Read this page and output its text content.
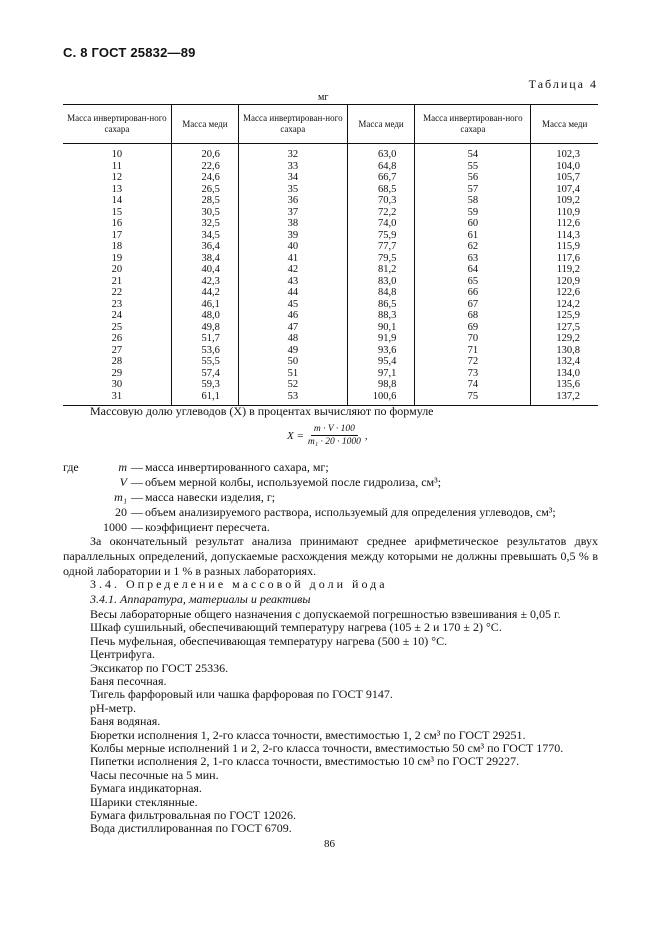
С. 8 ГОСТ 25832—89
Таблица 4
мг
Масса инвертирован-ного сахара	Масса меди	Масса инвертирован-ного сахара	Масса меди	Масса инвертирован-ного сахара	Масса меди
10	20,6	32	63,0	54	102,3
11	22,6	33	64,8	55	104,0
12	24,6	34	66,7	56	105,7
13	26,5	35	68,5	57	107,4
14	28,5	36	70,3	58	109,2
15	30,5	37	72,2	59	110,9
16	32,5	38	74,0	60	112,6
17	34,5	39	75,9	61	114,3
18	36,4	40	77,7	62	115,9
19	38,4	41	79,5	63	117,6
20	40,4	42	81,2	64	119,2
21	42,3	43	83,0	65	120,9
22	44,2	44	84,8	66	122,6
23	46,1	45	86,5	67	124,2
24	48,0	46	88,3	68	125,9
25	49,8	47	90,1	69	127,5
26	51,7	48	91,9	70	129,2
27	53,6	49	93,6	71	130,8
28	55,5	50	95,4	72	132,4
29	57,4	51	97,1	73	134,0
30	59,3	52	98,8	74	135,6
31	61,1	53	100,6	75	137,2
Массовую долю углеводов (X) в процентах вычисляют по формуле
$X = \frac{m \cdot V \cdot 100}{\text{m₁ · 20 · 1000}}$ ,
где	m — масса инвертированного сахара, мг;
V — объем мерной колбы, используемой после гидролиза, см³;
m₁ — масса навески изделия, г;
20 — объем анализируемого раствора, используемый для определения углеводов, см³;
1000 — коэффициент пересчета.
За окончательный результат анализа принимают среднее арифметическое результатов двух параллельных определений, допускаемые расхождения между которыми не должны превышать 0,5 % в одной лаборатории и 1 % в разных лабораториях.
3.4. Определение массовой доли йода
3.4.1. Аппаратура, материалы и реактивы
Весы лабораторные общего назначения с допускаемой погрешностью взвешивания ± 0,05 г.
Шкаф сушильный, обеспечивающий температуру нагрева (105 ± 2 и 170 ± 2) °С.
Печь муфельная, обеспечивающая температуру нагрева (500 ± 10) °С.
Центрифуга.
Эксикатор по ГОСТ 25336.
Баня песочная.
Тигель фарфоровый или чашка фарфоровая по ГОСТ 9147.
рН-метр.
Баня водяная.
Бюретки исполнения 1, 2-го класса точности, вместимостью 1, 2 см³ по ГОСТ 29251.
Колбы мерные исполнений 1 и 2, 2-го класса точности, вместимостью 50 см³ по ГОСТ 1770.
Пипетки исполнения 2, 1-го класса точности, вместимостью 10 см³ по ГОСТ 29227.
Часы песочные на 5 мин.
Бумага индикаторная.
Шарики стеклянные.
Бумага фильтровальная по ГОСТ 12026.
Вода дистиллированная по ГОСТ 6709.
86
